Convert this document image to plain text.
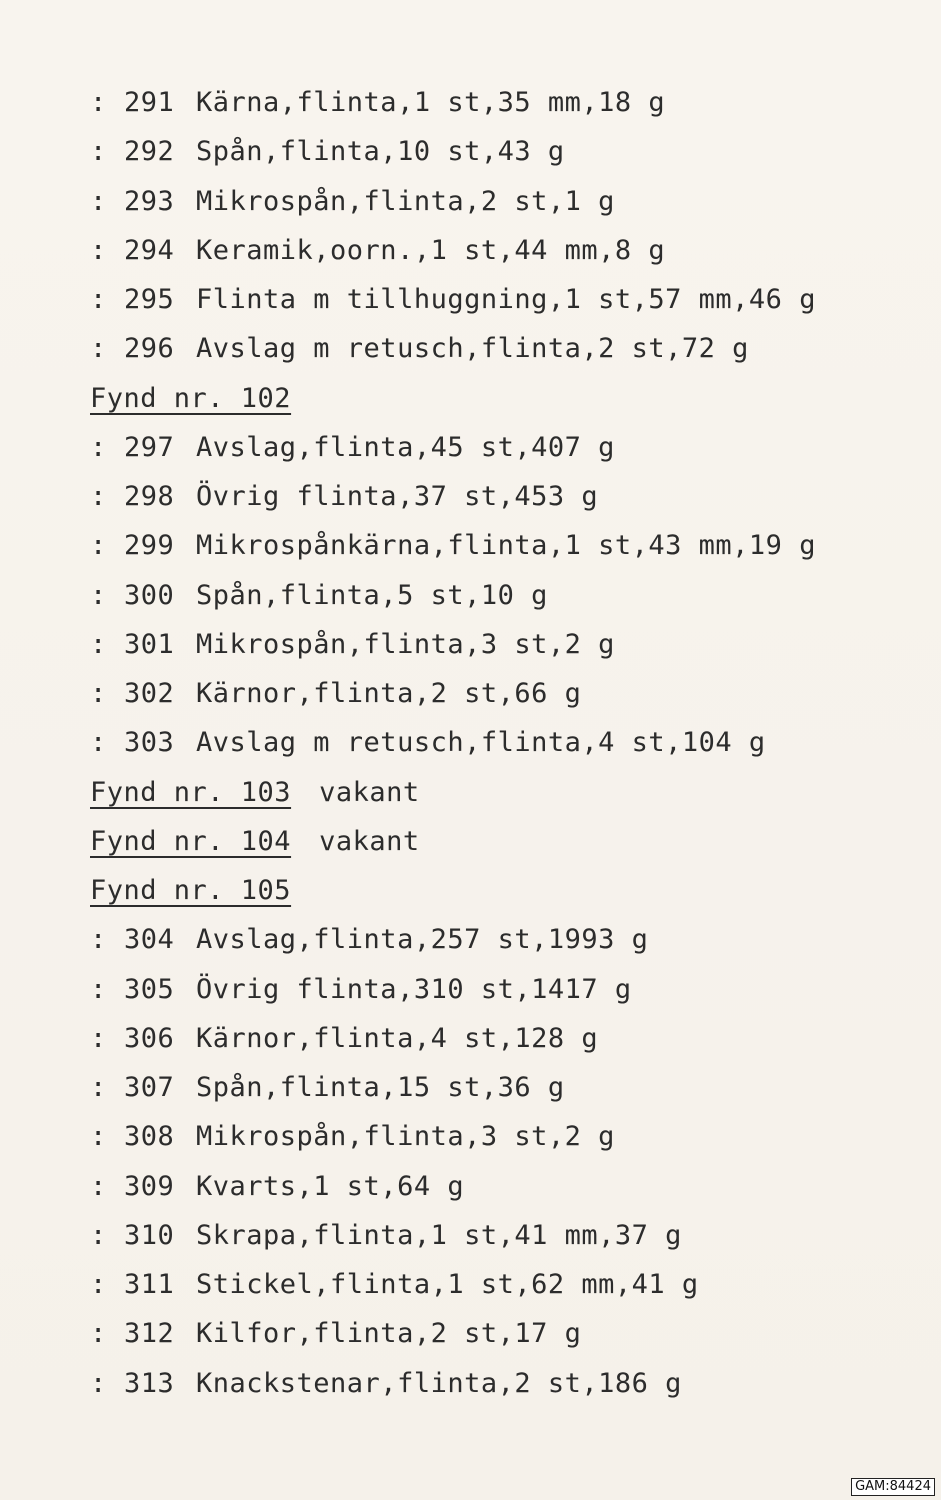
: 291 Kärna,flinta,1 st,35 mm,18 g
: 292 Spån,flinta,10 st,43 g
: 293 Mikrospån,flinta,2 st,1 g
: 294 Keramik,oorn.,1 st,44 mm,8 g
: 295 Flinta m tillhuggning,1 st,57 mm,46 g
: 296 Avslag m retusch,flinta,2 st,72 g
Fynd nr. 102
: 297 Avslag,flinta,45 st,407 g
: 298 Övrig flinta,37 st,453 g
: 299 Mikrospånkärna,flinta,1 st,43 mm,19 g
: 300 Spån,flinta,5 st,10 g
: 301 Mikrospån,flinta,3 st,2 g
: 302 Kärnor,flinta,2 st,66 g
: 303 Avslag m retusch,flinta,4 st,104 g
Fynd nr. 103 vakant
Fynd nr. 104 vakant
Fynd nr. 105
: 304 Avslag,flinta,257 st,1993 g
: 305 Övrig flinta,310 st,1417 g
: 306 Kärnor,flinta,4 st,128 g
: 307 Spån,flinta,15 st,36 g
: 308 Mikrospån,flinta,3 st,2 g
: 309 Kvarts,1 st,64 g
: 310 Skrapa,flinta,1 st,41 mm,37 g
: 311 Stickel,flinta,1 st,62 mm,41 g
: 312 Kilfor,flinta,2 st,17 g
: 313 Knackstenar,flinta,2 st,186 g
GAM:84424
